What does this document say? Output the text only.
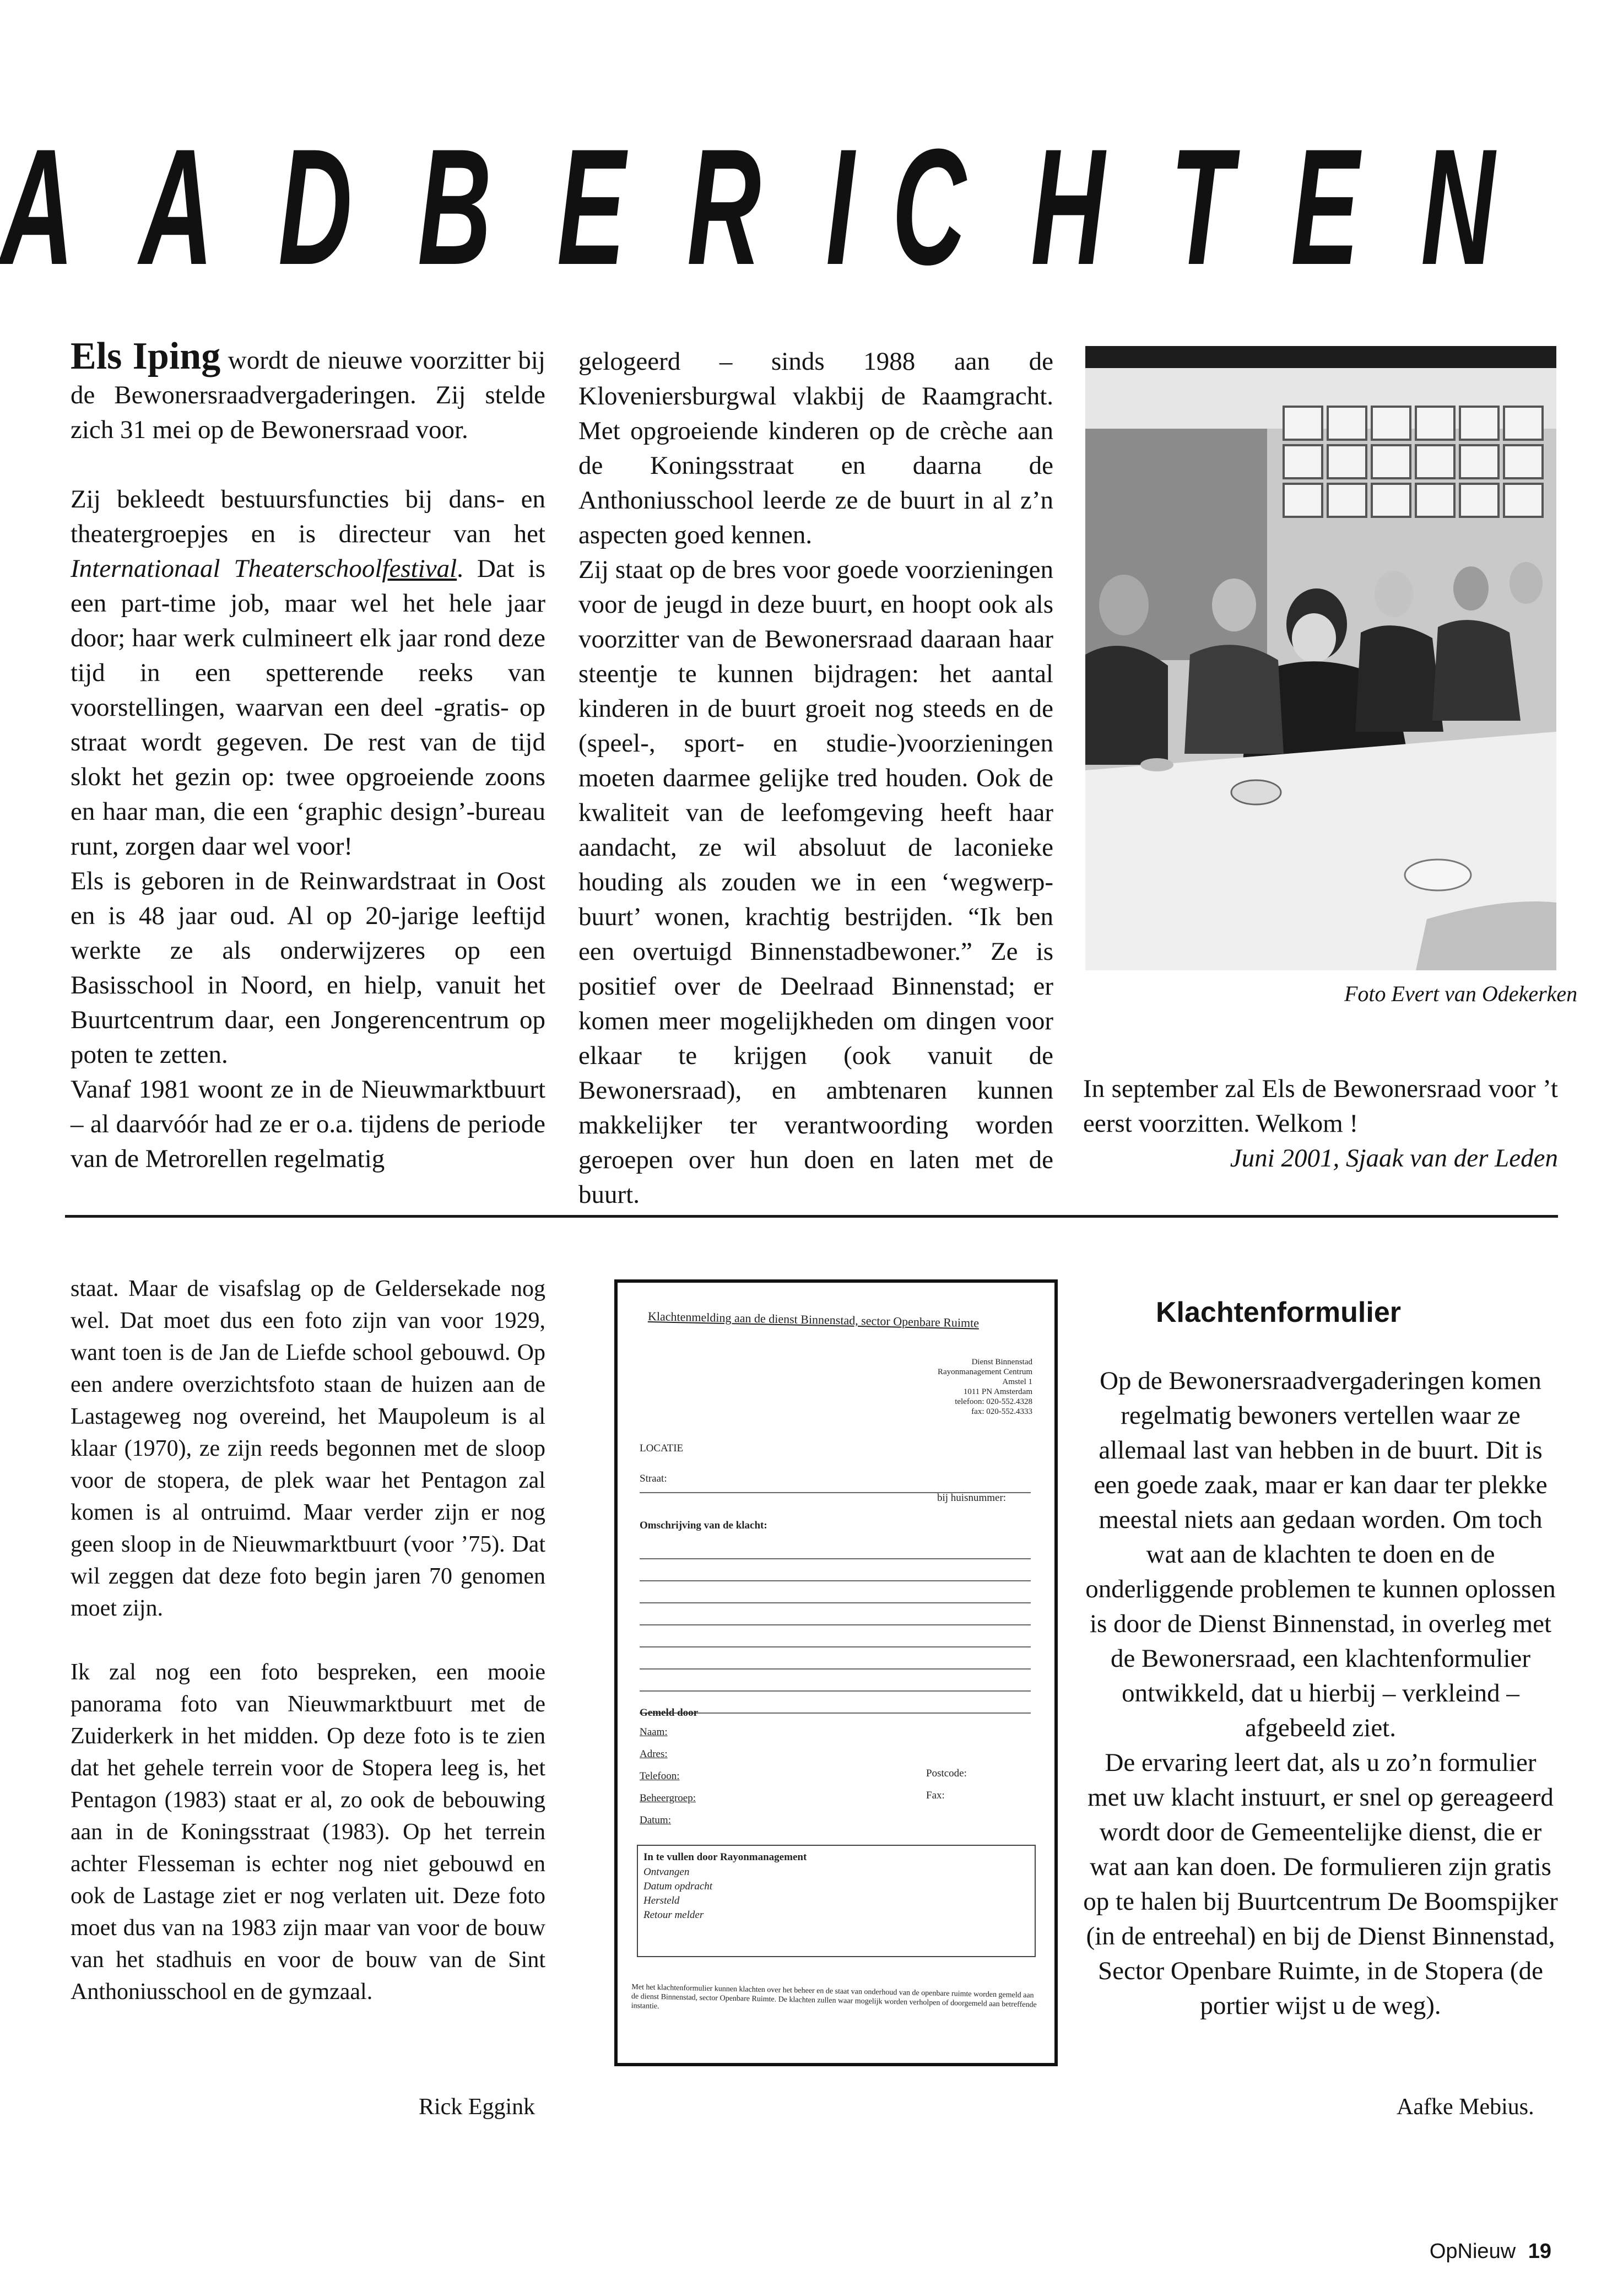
A A D B E R I C H T E N

Els Iping wordt de nieuwe voorzitter bij de Bewonersraadvergaderingen. Zij stelde zich 31 mei op de Bewonersraad voor.

Zij bekleedt bestuursfuncties bij dans- en theatergroepjes en is directeur van het Internationaal Theaterschoolfestival. Dat is een part-time job, maar wel het hele jaar door; haar werk culmineert elk jaar rond deze tijd in een spetterende reeks van voorstellingen, waarvan een deel -gratis- op straat wordt gegeven. De rest van de tijd slokt het gezin op: twee opgroeiende zoons en haar man, die een ‘graphic design’-bureau runt, zorgen daar wel voor!

Els is geboren in de Reinwardstraat in Oost en is 48 jaar oud. Al op 20-jarige leeftijd werkte ze als onderwijzeres op een Basisschool in Noord, en hielp, vanuit het Buurtcentrum daar, een Jongerencentrum op poten te zetten.

Vanaf 1981 woont ze in de Nieuwmarktbuurt – al daarvóór had ze er o.a. tijdens de periode van de Metrorellen regelmatig

gelogeerd – sinds 1988 aan de Kloveniersburgwal vlakbij de Raamgracht. Met opgroeiende kinderen op de crèche aan de Koningsstraat en daarna de Anthoniusschool leerde ze de buurt in al z’n aspecten goed kennen.

Zij staat op de bres voor goede voorzieningen voor de jeugd in deze buurt, en hoopt ook als voorzitter van de Bewonersraad daaraan haar steentje te kunnen bijdragen: het aantal kinderen in de buurt groeit nog steeds en de (speel-, sport- en studie-)voorzieningen moeten daarmee gelijke tred houden. Ook de kwaliteit van de leefomgeving heeft haar aandacht, ze wil absoluut de laconieke houding als zouden we in een ‘wegwerp-buurt’ wonen, krachtig bestrijden. “Ik ben een overtuigd Binnenstadbewoner.” Ze is positief over de Deelraad Binnenstad; er komen meer mogelijkheden om dingen voor elkaar te krijgen (ook vanuit de Bewonersraad), en ambtenaren kunnen makkelijker ter verantwoording worden geroepen over hun doen en laten met de buurt.

Foto Evert van Odekerken

In september zal Els de Bewonersraad voor ’t eerst voorzitten. Welkom !

Juni 2001, Sjaak van der Leden

staat. Maar de visafslag op de Geldersekade nog wel. Dat moet dus een foto zijn van voor 1929, want toen is de Jan de Liefde school gebouwd. Op een andere overzichtsfoto staan de huizen aan de Lastageweg nog overeind, het Maupoleum is al klaar (1970), ze zijn reeds begonnen met de sloop voor de stopera, de plek waar het Pentagon zal komen is al ontruimd. Maar verder zijn er nog geen sloop in de Nieuwmarktbuurt (voor ’75). Dat wil zeggen dat deze foto begin jaren 70 genomen moet zijn.

Ik zal nog een foto bespreken, een mooie panorama foto van Nieuwmarktbuurt met de Zuiderkerk in het midden. Op deze foto is te zien dat het gehele terrein voor de Stopera leeg is, het Pentagon (1983) staat er al, zo ook de bebouwing aan in de Koningsstraat (1983). Op het terrein achter Flesseman is echter nog niet gebouwd en ook de Lastage ziet er nog verlaten uit. Deze foto moet dus van na 1983 zijn maar van voor de bouw van het stadhuis en voor de bouw van de Sint Anthoniusschool en de gymzaal.

Rick Eggink
Klachtenmelding aan de dienst Binnenstad, sector Openbare Ruimte
Dienst Binnenstad
Rayonmanagement Centrum
Amstel 1
1011 PN Amsterdam
telefoon: 020-552.4328
fax: 020-552.4333
LOCATIE
Straat:
bij huisnummer:
Omschrijving van de klacht:
Gemeld door
Naam:
Adres:
Telefoon:	Postcode:
Beheergroep:	Fax:
Datum:
In te vullen door Rayonmanagement
Ontvangen
Datum opdracht
Hersteld
Retour melder
Met het klachtenformulier kunnen klachten over het beheer en de staat van onderhoud van de openbare ruimte worden gemeld aan de dienst Binnenstad, sector Openbare Ruimte. De klachten zullen waar mogelijk worden verholpen of doorgemeld aan betreffende instantie.
Klachtenformulier

Op de Bewonersraadvergaderingen komen regelmatig bewoners vertellen waar ze allemaal last van hebben in de buurt. Dit is een goede zaak, maar er kan daar ter plekke meestal niets aan gedaan worden. Om toch wat aan de klachten te doen en de onderliggende problemen te kunnen oplossen is door de Dienst Binnenstad, in overleg met de Bewonersraad, een klachtenformulier ontwikkeld, dat u hierbij – verkleind – afgebeeld ziet.

De ervaring leert dat, als u zo’n formulier met uw klacht instuurt, er snel op gereageerd wordt door de Gemeentelijke dienst, die er wat aan kan doen. De formulieren zijn gratis op te halen bij Buurtcentrum De Boomspijker (in de entreehal) en bij de Dienst Binnenstad, Sector Openbare Ruimte, in de Stopera (de portier wijst u de weg).

Aafke Mebius.
OpNieuw 19
